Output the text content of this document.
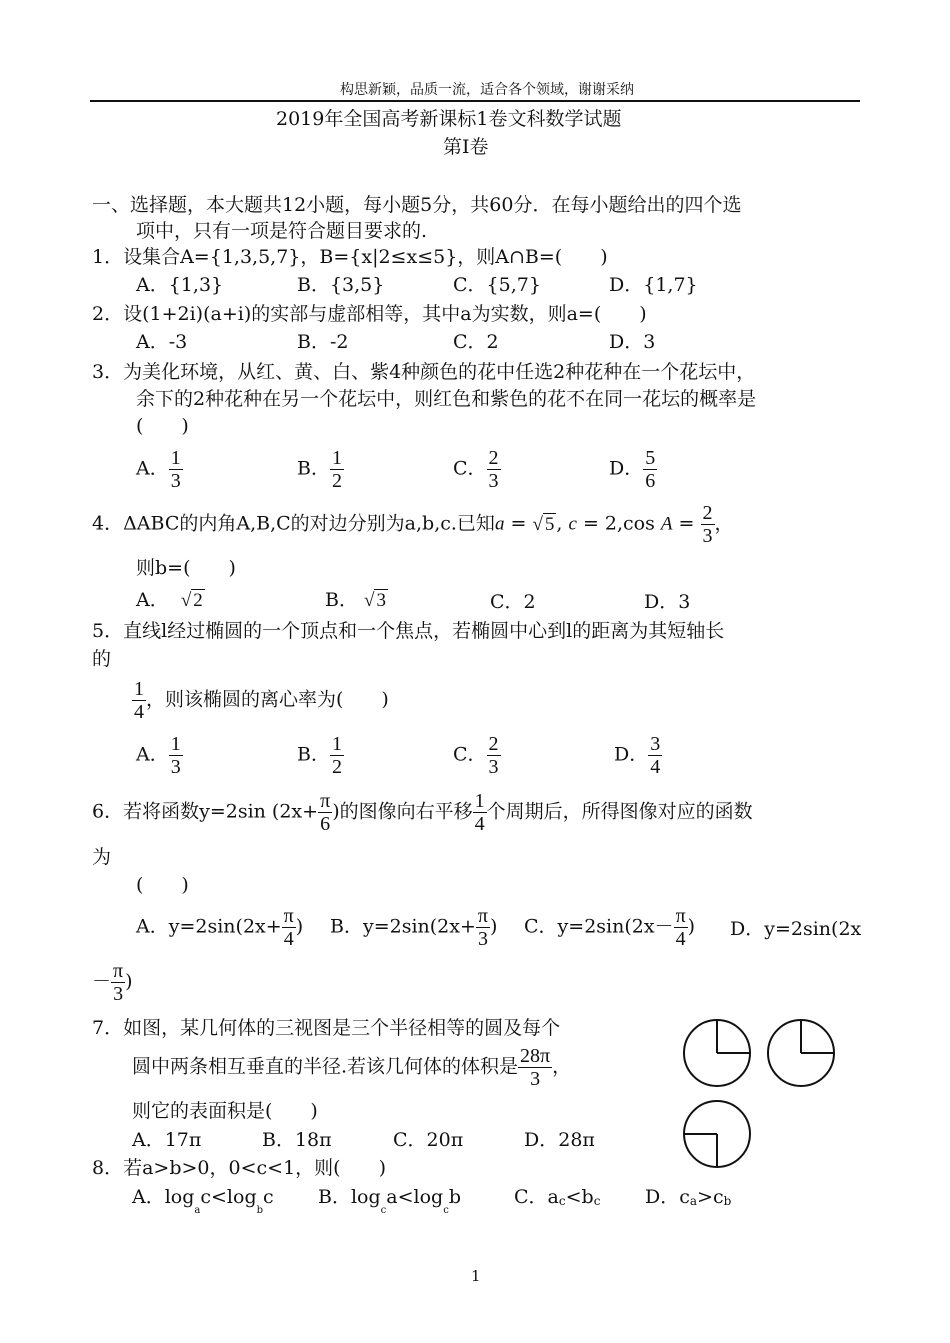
构思新颖，品质一流，适合各个领域，谢谢采纳
2019年全国高考新课标1卷文科数学试题
第Ⅰ卷
一、选择题，本大题共12小题，每小题5分，共60分．在每小题给出的四个选
项中，只有一项是符合题目要求的.
1．设集合A={1,3,5,7}，B={x|2≤x≤5}，则A∩B=(　　)
A．{1,3}	B．{3,5}	C．{5,7}	D．{1,7}
2．设(1+2i)(a+i)的实部与虚部相等，其中a为实数，则a=(　　)
A．-3	B．-2	C．2	D．3
3．为美化环境，从红、黄、白、紫4种颜色的花中任选2种花种在一个花坛中，
余下的2种花种在另一个花坛中，则红色和紫色的花不在同一花坛的概率是
(　　)
A． $\frac{1}{3}$	B． $\frac{1}{2}$	C． $\frac{2}{3}$	D． $\frac{5}{6}$
4．ΔABC的内角A,B,C的对边分别为a,b,c.已知a = √ 5 , c = 2,cos $A = \frac{2}{3}$ ，
则b=(　　)
A． √ 2	B． √ 3	C．2	D．3
5．直线l经过椭圆的一个顶点和一个焦点，若椭圆中心到l的距离为其短轴长
的
$\frac{1}{4}$ ，则该椭圆的离心率为(　　)
A． $\frac{1}{3}$	B． $\frac{1}{2}$	C． $\frac{2}{3}$	D． $\frac{3}{4}$
6．若将函数y=2sin ($2x+ \frac{\pi}{6}$ )的图像向右平移 $\frac{1}{4}$ 个周期后，所得图像对应的函数
为
(　　)
A．$y=2\sin(2x+ \frac{\pi}{4}$ ) B．$y=2\sin(2x+ \frac{\pi}{3}$ ) C．$y=2\sin(2x- \frac{\pi}{4}$ ) D．y=2sin(2x
－ $\frac{\pi}{3}$ )
7．如图，某几何体的三视图是三个半径相等的圆及每个
圆中两条相互垂直的半径.若该几何体的体积是 $\frac{28\pi}{3}$ ，
则它的表面积是(　　)
A．17π	B．18π	C．20π	D．28π
8．若a>b>0，0<c<1，则(　　)
A．$\log_ac<\log_bc$ B．$\log_ca<\log_cb$	C．ac<bc D．ca>cb
1
